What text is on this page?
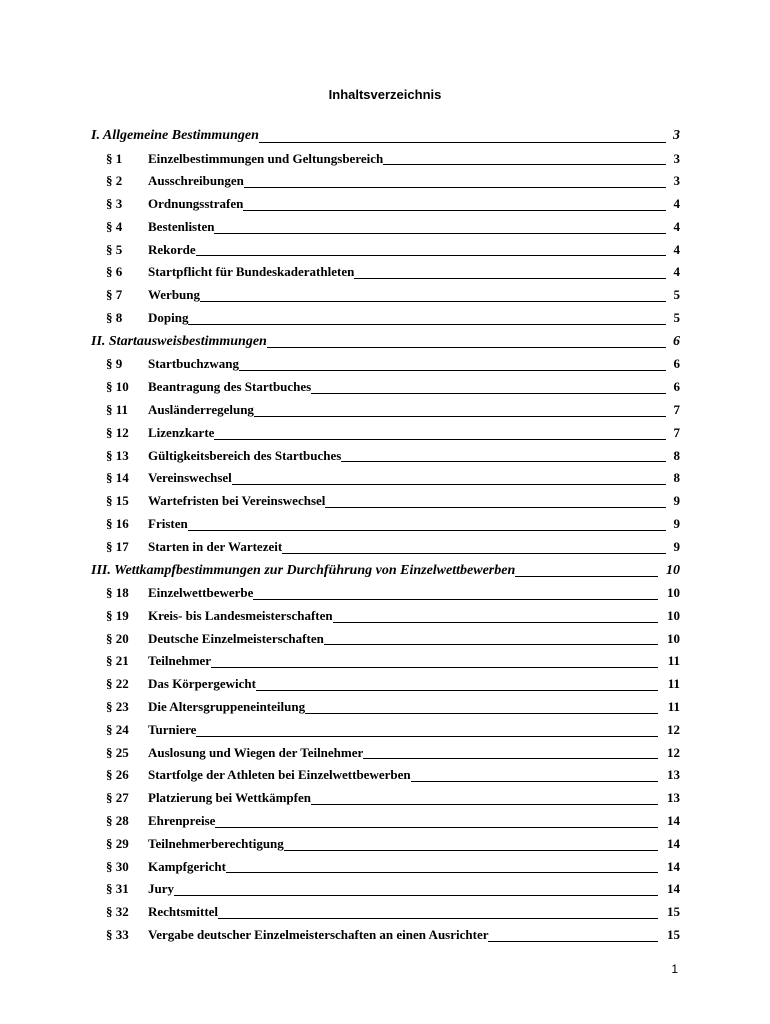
Inhaltsverzeichnis
I. Allgemeine Bestimmungen	3
§ 1 Einzelbestimmungen und Geltungsbereich	3
§ 2 Ausschreibungen	3
§ 3 Ordnungsstrafen	4
§ 4 Bestenlisten	4
§ 5 Rekorde	4
§ 6 Startpflicht für Bundeskaderathleten	4
§ 7 Werbung	5
§ 8 Doping	5
II. Startausweisbestimmungen	6
§ 9 Startbuchzwang	6
§ 10 Beantragung des Startbuches	6
§ 11 Ausländerregelung	7
§ 12 Lizenzkarte	7
§ 13 Gültigkeitsbereich des Startbuches	8
§ 14 Vereinswechsel	8
§ 15 Wartefristen bei Vereinswechsel	9
§ 16 Fristen	9
§ 17 Starten in der Wartezeit	9
III. Wettkampfbestimmungen zur Durchführung von Einzelwettbewerben	10
§ 18 Einzelwettbewerbe	10
§ 19 Kreis- bis Landesmeisterschaften	10
§ 20 Deutsche Einzelmeisterschaften	10
§ 21 Teilnehmer	11
§ 22 Das Körpergewicht	11
§ 23 Die Altersgruppeneinteilung	11
§ 24 Turniere	12
§ 25 Auslosung und Wiegen der Teilnehmer	12
§ 26 Startfolge der Athleten bei Einzelwettbewerben	13
§ 27 Platzierung bei Wettkämpfen	13
§ 28 Ehrenpreise	14
§ 29 Teilnehmerberechtigung	14
§ 30 Kampfgericht	14
§ 31 Jury	14
§ 32 Rechtsmittel	15
§ 33 Vergabe deutscher Einzelmeisterschaften an einen Ausrichter	15
1
